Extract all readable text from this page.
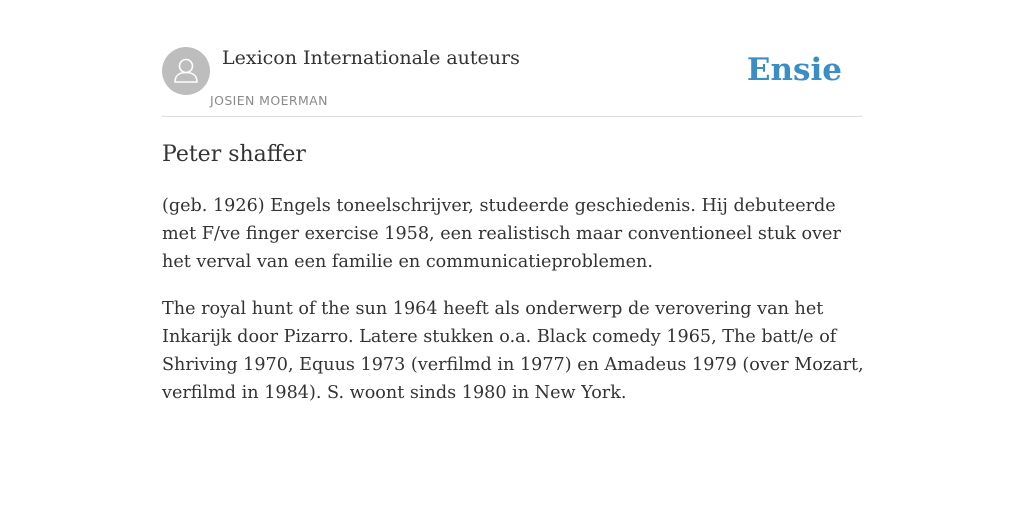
Lexicon Internationale auteurs
JOSIEN MOERMAN
Ensie
Peter shaffer

(geb. 1926) Engels toneelschrijver, studeerde geschiedenis. Hij debuteerde met F/ve finger exercise 1958, een realistisch maar conventioneel stuk over het verval van een familie en communicatieproblemen.

The royal hunt of the sun 1964 heeft als onderwerp de verovering van het Inkarijk door Pizarro. Latere stukken o.a. Black comedy 1965, The batt/e of Shriving 1970, Equus 1973 (verfilmd in 1977) en Amadeus 1979 (over Mozart, verfilmd in 1984). S. woont sinds 1980 in New York.
